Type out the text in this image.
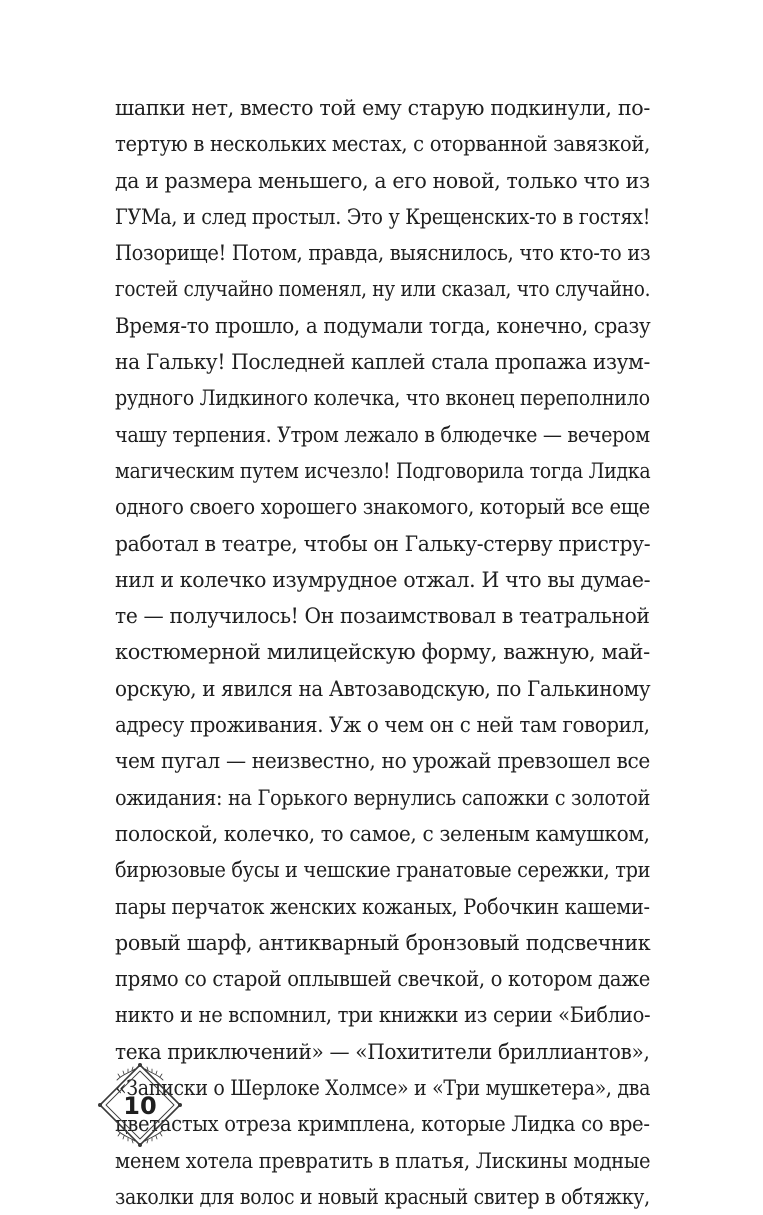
шапки нет, вместо той ему старую подкинули, по-
тертую в нескольких местах, с оторванной завязкой,
да и размера меньшего, а его новой, только что из
ГУМа, и след простыл. Это у Крещенских-то в гостях!
Позорище! Потом, правда, выяснилось, что кто-то из
гостей случайно поменял, ну или сказал, что случайно.
Время-то прошло, а подумали тогда, конечно, сразу
на Гальку! Последней каплей стала пропажа изум-
рудного Лидкиного колечка, что вконец переполнило
чашу терпения. Утром лежало в блюдечке — вечером
магическим путем исчезло! Подговорила тогда Лидка
одного своего хорошего знакомого, который все еще
работал в театре, чтобы он Гальку-стерву пристру-
нил и колечко изумрудное отжал. И что вы думае-
те — получилось! Он позаимствовал в театральной
костюмерной милицейскую форму, важную, май-
орскую, и явился на Автозаводскую, по Галькиному
адресу проживания. Уж о чем он с ней там говорил,
чем пугал — неизвестно, но урожай превзошел все
ожидания: на Горького вернулись сапожки с золотой
полоской, колечко, то самое, с зеленым камушком,
бирюзовые бусы и чешские гранатовые сережки, три
пары перчаток женских кожаных, Робочкин кашеми-
ровый шарф, антикварный бронзовый подсвечник
прямо со старой оплывшей свечкой, о котором даже
никто и не вспомнил, три книжки из серии «Библио-
тека приключений» — «Похитители бриллиантов»,
«Записки о Шерлоке Холмсе» и «Три мушкетера», два
цветастых отреза кримплена, которые Лидка со вре-
менем хотела превратить в платья, Лискины модные
заколки для волос и новый красный свитер в обтяжку,
10
